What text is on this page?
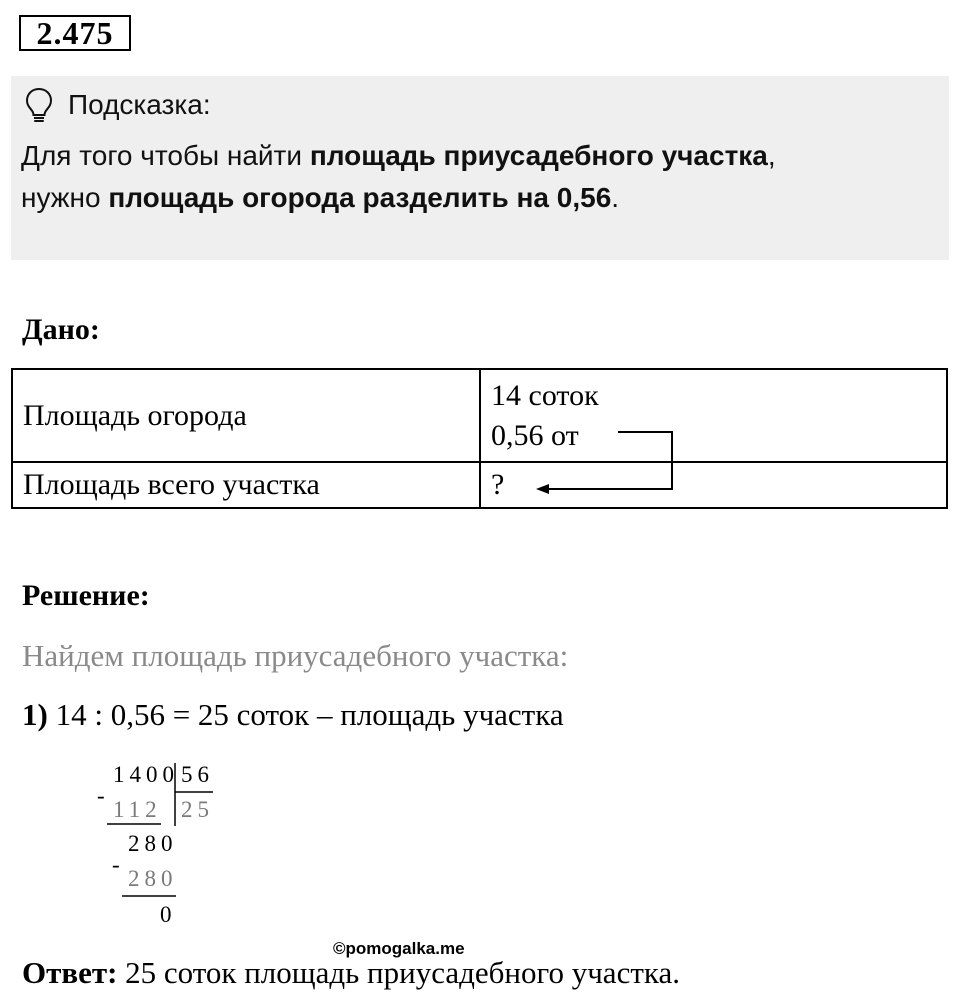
2.475
Подсказка:
Для того чтобы найти площадь приусадебного участка,
нужно площадь огорода разделить на 0,56.
Дано:
Площадь огорода	14 соток
0,56 от

Площадь всего участка	?
Решение:
Найдем площадь приусадебного участка:
1) 14 : 0,56 = 25 соток – площадь участка
1400 56
-
112 25
280
-
280
0
©pomogalka.me
Ответ: 25 соток площадь приусадебного участка.
